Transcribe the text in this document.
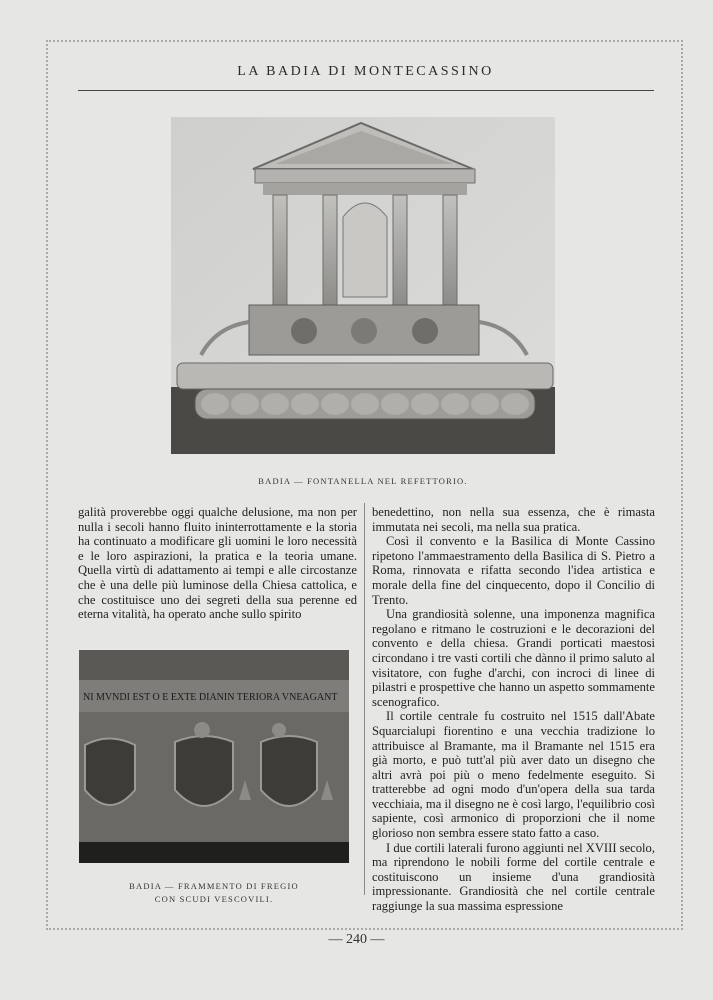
LA BADIA DI MONTECASSINO
BADIA — FONTANELLA NEL REFETTORIO.

galità proverebbe oggi qualche delusione, ma non per nulla i secoli hanno fluito ininterrottamente e la storia ha continuato a modificare gli uomini le loro necessità e le loro aspirazioni, la pratica e la teoria umane. Quella virtù di adattamento ai tempi e alle circostanze che è una delle più luminose della Chiesa cattolica, e che costituisce uno dei segreti della sua perenne ed eterna vitalità, ha operato anche sullo spirito

benedettino, non nella sua essenza, che è rimasta immutata nei secoli, ma nella sua pratica.

Così il convento e la Basilica di Monte Cassino ripetono l'ammaestramento della Basilica di S. Pietro a Roma, rinnovata e rifatta secondo l'idea artistica e morale della fine del cinquecento, dopo il Concilio di Trento.

Una grandiosità solenne, una imponenza magnifica regolano e ritmano le costruzioni e le decorazioni del convento e della chiesa. Grandi porticati maestosi circondano i tre vasti cortili che dànno il primo saluto al visitatore, con fughe d'archi, con incroci di linee di pilastri e prospettive che hanno un aspetto sommamente scenografico.

Il cortile centrale fu costruito nel 1515 dall'Abate Squarcialupi fiorentino e una vecchia tradizione lo attribuisce al Bramante, ma il Bramante nel 1515 era già morto, e può tutt'al più aver dato un disegno che altri avrà poi più o meno fedelmente eseguito. Si tratterebbe ad ogni modo d'un'opera della sua tarda vecchiaia, ma il disegno ne è così largo, l'equilibrio così sapiente, così armonico di proporzioni che il nome glorioso non sembra essere stato fatto a caso.

I due cortili laterali furono aggiunti nel XVIII secolo, ma riprendono le nobili forme del cortile centrale e costituiscono un insieme d'una grandiosità impressionante. Grandiosità che nel cortile centrale raggiunge la sua massima espressione

NI MVNDI EST O E EXTE DIANIN TERIORA VNEAGANT
BADIA — FRAMMENTO DI FREGIO
CON SCUDI VESCOVILI.
— 240 —
